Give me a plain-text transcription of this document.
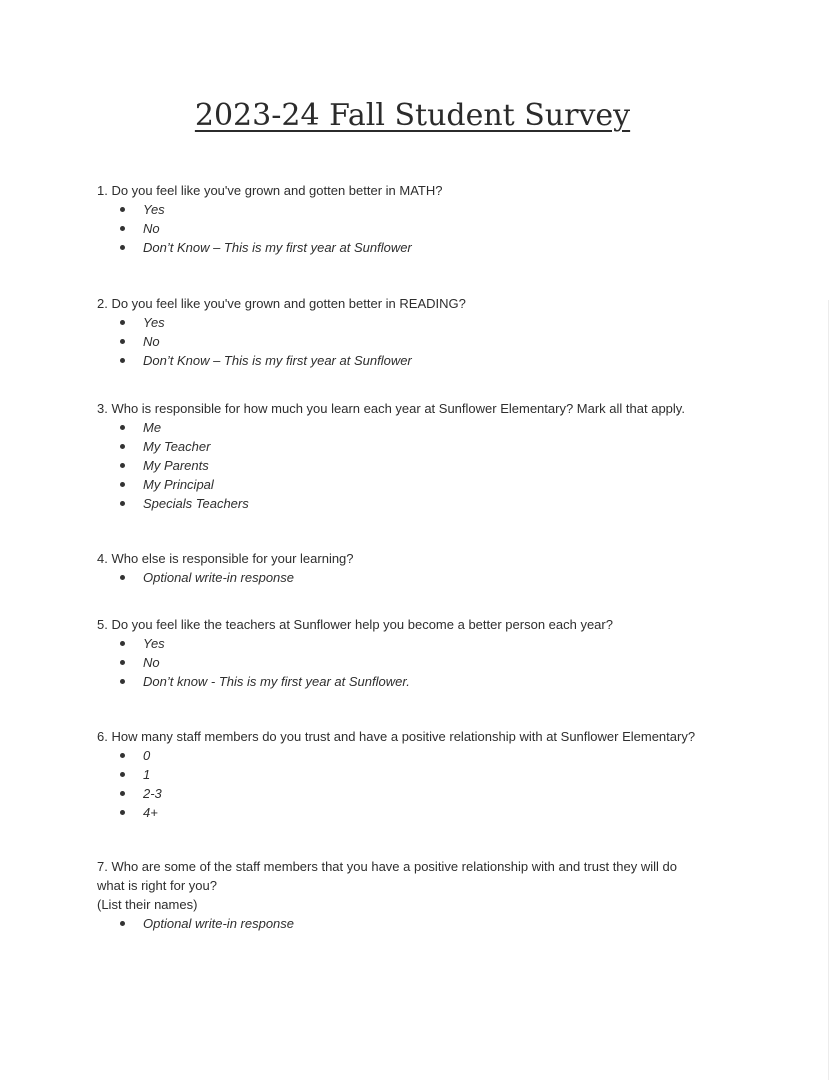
2023-24 Fall Student Survey

1. Do you feel like you've grown and gotten better in MATH?

Yes
No
Don’t Know – This is my first year at Sunflower

2. Do you feel like you've grown and gotten better in READING?

Yes
No
Don’t Know – This is my first year at Sunflower

3. Who is responsible for how much you learn each year at Sunflower Elementary? Mark all that apply.

Me
My Teacher
My Parents
My Principal
Specials Teachers

4. Who else is responsible for your learning?

Optional write-in response

5. Do you feel like the teachers at Sunflower help you become a better person each year?

Yes
No
Don’t know - This is my first year at Sunflower.

6. How many staff members do you trust and have a positive relationship with at Sunflower Elementary?

0
1
2-3
4+

7. Who are some of the staff members that you have a positive relationship with and trust they will do
what is right for you?
(List their names)

Optional write-in response
